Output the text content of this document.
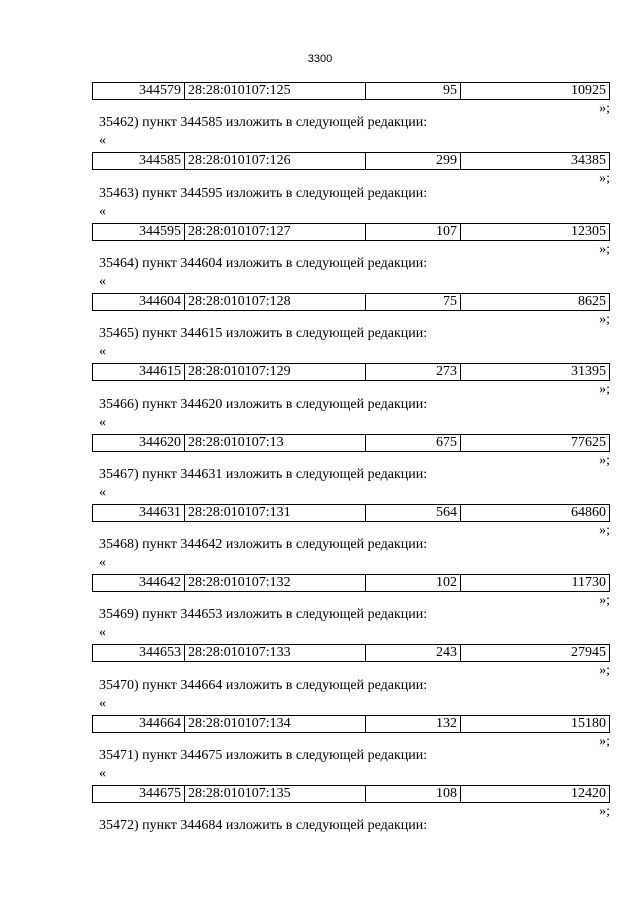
3300
344579	28:28:010107:125	95	10925
»;
35462) пункт 344585 изложить в следующей редакции:
«
344585	28:28:010107:126	299	34385
»;
35463) пункт 344595 изложить в следующей редакции:
«
344595	28:28:010107:127	107	12305
»;
35464) пункт 344604 изложить в следующей редакции:
«
344604	28:28:010107:128	75	8625
»;
35465) пункт 344615 изложить в следующей редакции:
«
344615	28:28:010107:129	273	31395
»;
35466) пункт 344620 изложить в следующей редакции:
«
344620	28:28:010107:13	675	77625
»;
35467) пункт 344631 изложить в следующей редакции:
«
344631	28:28:010107:131	564	64860
»;
35468) пункт 344642 изложить в следующей редакции:
«
344642	28:28:010107:132	102	11730
»;
35469) пункт 344653 изложить в следующей редакции:
«
344653	28:28:010107:133	243	27945
»;
35470) пункт 344664 изложить в следующей редакции:
«
344664	28:28:010107:134	132	15180
»;
35471) пункт 344675 изложить в следующей редакции:
«
344675	28:28:010107:135	108	12420
»;
35472) пункт 344684 изложить в следующей редакции:
